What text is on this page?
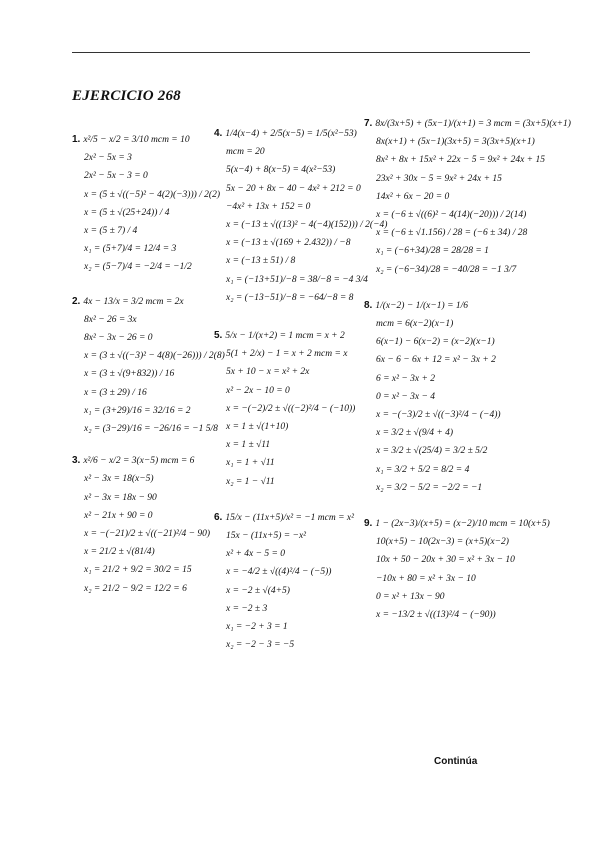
EJERCICIO 268
1. x²/5 − x/2 = 3/10 mcm = 10
2x² − 5x = 3
2x² − 5x − 3 = 0
x = (5 ± √((−5)² − 4(2)(−3))) / 2(2)
x = (5 ± √(25+24)) / 4
x = (5 ± 7) / 4
x₁ = (5+7)/4 = 12/4 = 3
x₂ = (5−7)/4 = −2/4 = −1/2
2. 4x − 13/x = 3/2 mcm = 2x
8x² − 26 = 3x
8x² − 3x − 26 = 0
x = (3 ± √((−3)² − 4(8)(−26))) / 2(8)
x = (3 ± √(9+832)) / 16
x = (3 ± 29) / 16
x₁ = (3+29)/16 = 32/16 = 2
x₂ = (3−29)/16 = −26/16 = −1 5/8
3. x²/6 − x/2 = 3(x−5) mcm = 6
x² − 3x = 18(x−5)
x² − 3x = 18x − 90
x² − 21x + 90 = 0
x = −(−21)/2 ± √((−21)²/4 − 90)
x = 21/2 ± √(81/4)
x₁ = 21/2 + 9/2 = 30/2 = 15
x₂ = 21/2 − 9/2 = 12/2 = 6
4. 1/4(x−4) + 2/5(x−5) = 1/5(x²−53)
mcm = 20
5(x−4) + 8(x−5) = 4(x²−53)
5x − 20 + 8x − 40 − 4x² + 212 = 0
−4x² + 13x + 152 = 0
x = (−13 ± √((13)² − 4(−4)(152))) / 2(−4)
x = (−13 ± √(169 + 2.432)) / −8
x = (−13 ± 51) / 8
x₁ = (−13+51)/−8 = 38/−8 = −4 3/4
x₂ = (−13−51)/−8 = −64/−8 = 8
5. 5/x − 1/(x+2) = 1 mcm = x + 2
5(1 + 2/x) − 1 = x + 2 mcm = x
5x + 10 − x = x² + 2x
x² − 2x − 10 = 0
x = −(−2)/2 ± √((−2)²/4 − (−10))
x = 1 ± √(1+10)
x = 1 ± √11
x₁ = 1 + √11
x₂ = 1 − √11
6. 15/x − (11x+5)/x² = −1 mcm = x²
15x − (11x+5) = −x²
x² + 4x − 5 = 0
x = −4/2 ± √((4)²/4 − (−5))
x = −2 ± √(4+5)
x = −2 ± 3
x₁ = −2 + 3 = 1
x₂ = −2 − 3 = −5
7. 8x/(3x+5) + (5x−1)/(x+1) = 3 mcm = (3x+5)(x+1)
8x(x+1) + (5x−1)(3x+5) = 3(3x+5)(x+1)
8x² + 8x + 15x² + 22x − 5 = 9x² + 24x + 15
23x² + 30x − 5 = 9x² + 24x + 15
14x² + 6x − 20 = 0
x = (−6 ± √((6)² − 4(14)(−20))) / 2(14)
x = (−6 ± √1.156) / 28 = (−6 ± 34) / 28
x₁ = (−6+34)/28 = 28/28 = 1
x₂ = (−6−34)/28 = −40/28 = −1 3/7
8. 1/(x−2) − 1/(x−1) = 1/6
mcm = 6(x−2)(x−1)
6(x−1) − 6(x−2) = (x−2)(x−1)
6x − 6 − 6x + 12 = x² − 3x + 2
6 = x² − 3x + 2
0 = x² − 3x − 4
x = −(−3)/2 ± √((−3)²/4 − (−4))
x = 3/2 ± √(9/4 + 4)
x = 3/2 ± √(25/4) = 3/2 ± 5/2
x₁ = 3/2 + 5/2 = 8/2 = 4
x₂ = 3/2 − 5/2 = −2/2 = −1
9. 1 − (2x−3)/(x+5) = (x−2)/10 mcm = 10(x+5)
10(x+5) − 10(2x−3) = (x+5)(x−2)
10x + 50 − 20x + 30 = x² + 3x − 10
−10x + 80 = x² + 3x − 10
0 = x² + 13x − 90
x = −13/2 ± √((13)²/4 − (−90))
Continúa
